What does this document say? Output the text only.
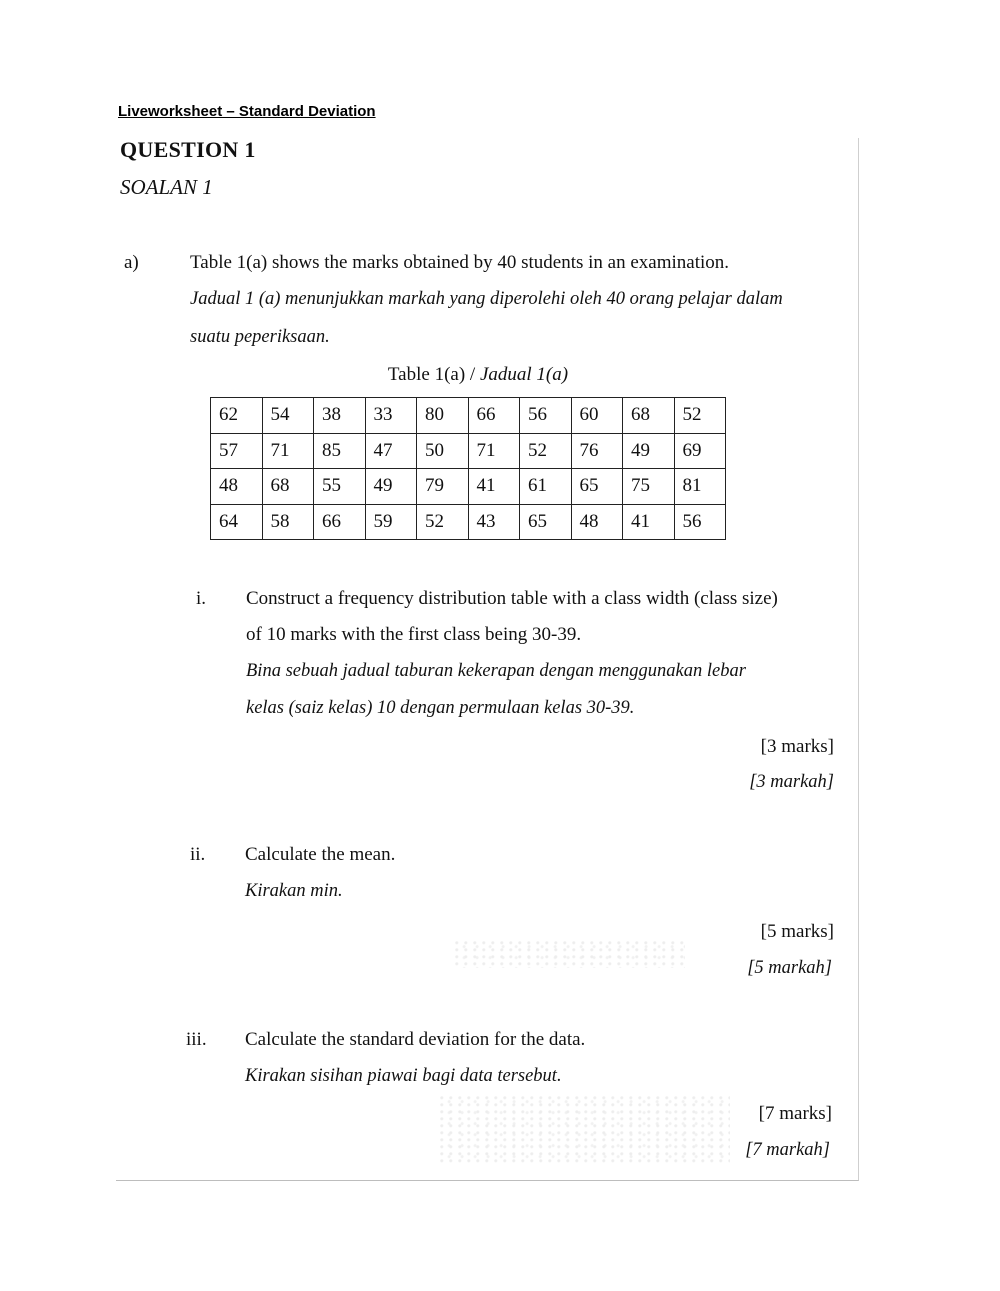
Liveworksheet – Standard Deviation
QUESTION 1
SOALAN 1
a)	Table 1(a) shows the marks obtained by 40 students in an examination.
Jadual 1 (a) menunjukkan markah yang diperolehi oleh 40 orang pelajar dalam
suatu peperiksaan.
Table 1(a) / Jadual 1(a)
62	54	38	33	80	66	56	60	68	52
57	71	85	47	50	71	52	76	49	69
48	68	55	49	79	41	61	65	75	81
64	58	66	59	52	43	65	48	41	56
i. Construct a frequency distribution table with a class width (class size)
of 10 marks with the first class being 30-39.
Bina sebuah jadual taburan kekerapan dengan menggunakan lebar
kelas (saiz kelas) 10 dengan permulaan kelas 30-39.
[3 marks]
[3 markah]
ii. Calculate the mean.
Kirakan min.
[5 marks]
[5 markah]
iii. Calculate the standard deviation for the data.
Kirakan sisihan piawai bagi data tersebut.
[7 marks]
[7 markah]
